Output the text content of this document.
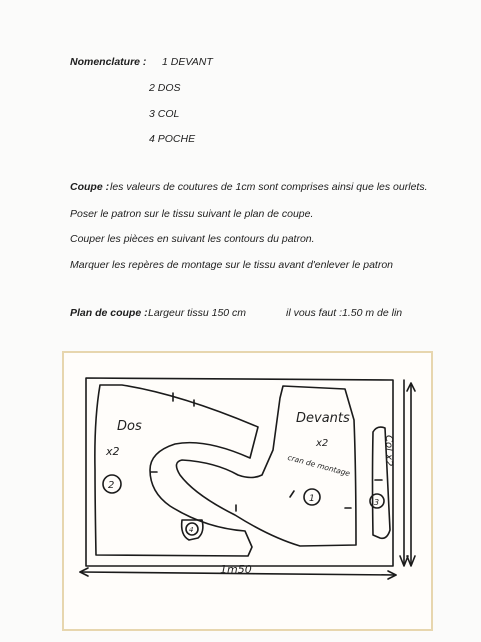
Nomenclature : 1 DEVANT
2 DOS
3 COL
4 POCHE
Coupe : les valeurs de coutures de 1cm sont comprises ainsi que les ourlets.
Poser le patron sur le tissu suivant le plan de coupe.
Couper les pièces en suivant les contours du patron.
Marquer les repères de montage sur le tissu avant d'enlever le patron
Plan de coupe : Largeur tissu 150 cm	il vous faut :1.50 m de lin
Dos
x2
2
Devants
x2
cran de montage
1
Col x2
3
4
1m50
